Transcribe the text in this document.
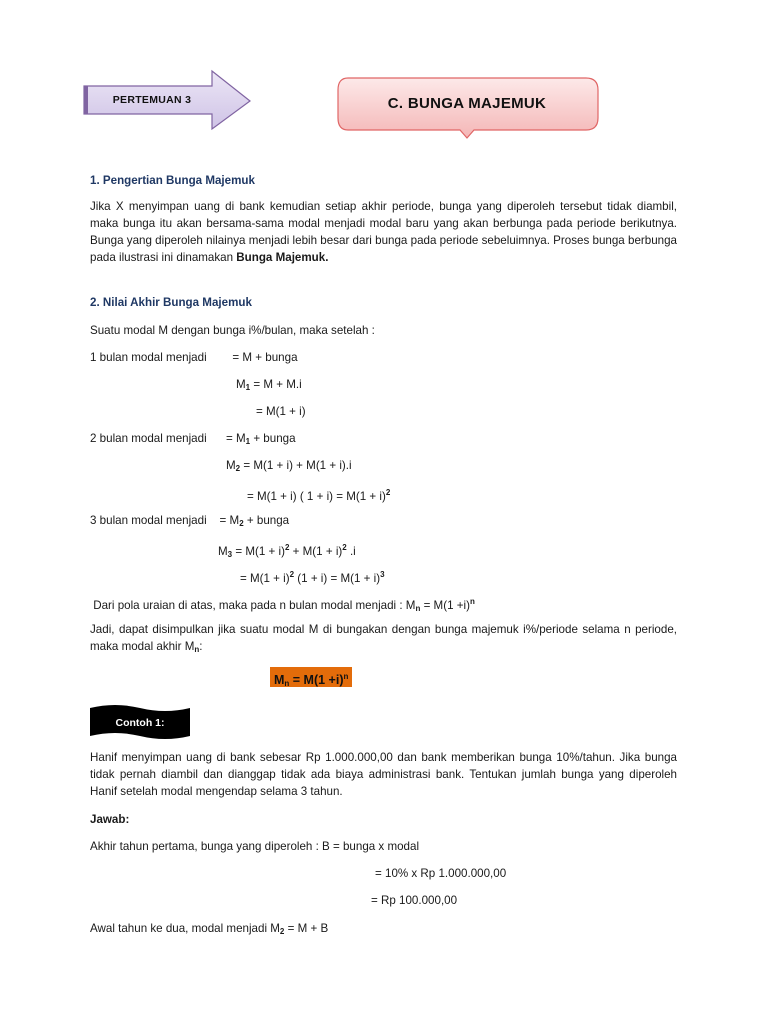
PERTEMUAN 3	C. BUNGA MAJEMUK
1. Pengertian Bunga Majemuk
Jika X menyimpan uang di bank kemudian setiap akhir periode, bunga yang diperoleh tersebut tidak diambil, maka bunga itu akan bersama-sama modal menjadi modal baru yang akan berbunga pada periode berikutnya. Bunga yang diperoleh nilainya menjadi lebih besar dari bunga pada periode sebeluimnya. Proses bunga berbunga pada ilustrasi ini dinamakan Bunga Majemuk.
2. Nilai Akhir Bunga Majemuk
Suatu modal M dengan bunga i%/bulan, maka setelah :
1 bulan modal menjadi        = M + bunga
$M_1 = M + M.i$
= M(1 + i)
2 bulan modal menjadi      = $M_1$ + bunga
$M_2 = M(1 + i) + M(1 + i).i$
= M(1 + i) ( $1 + i) = M(1 + i)^2$
3 bulan modal menjadi    = $M_2$ + bunga
$M_3 = M(1 + i)^2 + M(1 + i)^2$ .i
= $M(1 + i)^2$ $(1 + i) = M(1 + i)^3$
Dari pola uraian di atas, maka pada n bulan modal menjadi : $M_n = M(1 +i)^n$
Jadi, dapat disimpulkan jika suatu modal M di bungakan dengan bunga majemuk i%/periode selama n periode, maka modal akhir $M_n$:
$M_n = M(1 +i)^n$
Contoh 1:
Hanif menyimpan uang di bank sebesar Rp 1.000.000,00 dan bank memberikan bunga 10%/tahun. Jika bunga tidak pernah diambil dan dianggap tidak ada biaya administrasi bank. Tentukan jumlah bunga yang diperoleh Hanif setelah modal mengendap selama 3 tahun.
Jawab:
Akhir tahun pertama, bunga yang diperoleh : B = bunga x modal
= 10% x Rp 1.000.000,00
= Rp 100.000,00
Awal tahun ke dua, modal menjadi $M_2 = M + B$
